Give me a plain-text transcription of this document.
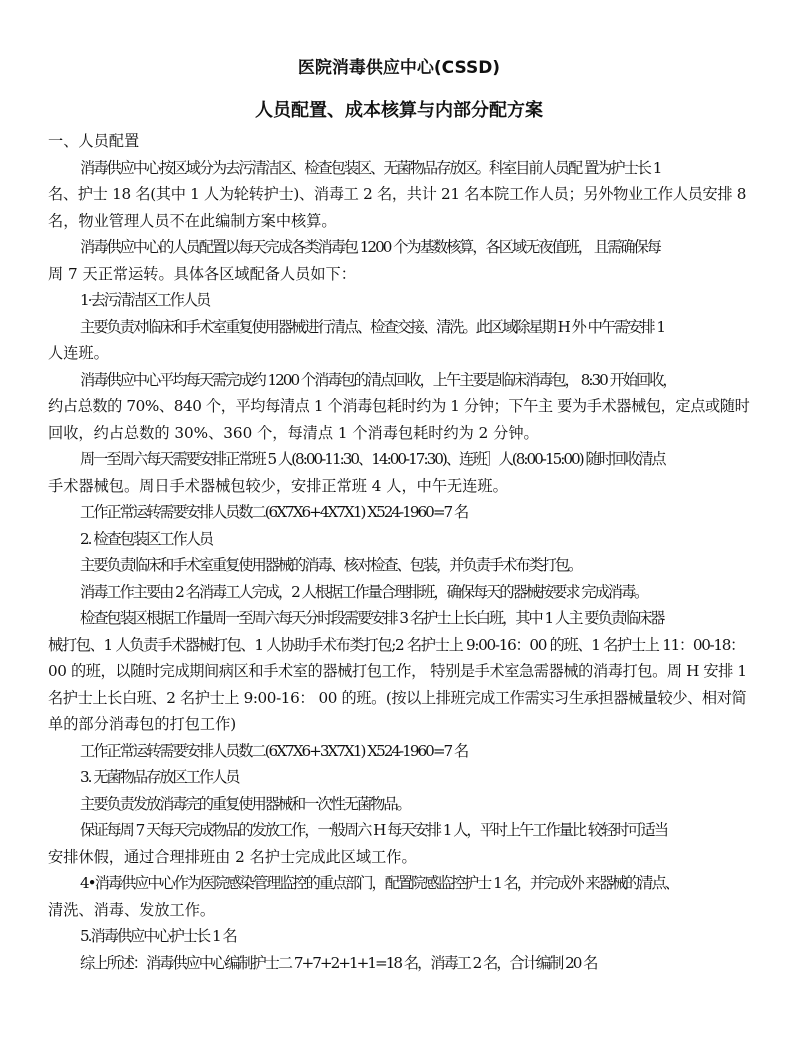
医院消毒供应中心(CSSD)
人员配置、成本核算与内部分配方案

一、人员配置

消毒供应中心按区域分为去污清洁区、检查包装区、无菌物品存放区。科室目前人员配 置为护士长 1

名、护士 18 名(其中 1 人为轮转护士)、消毒工 2 名，共计 21 名本院工作人员；另外物业工作人员安排 8

名，物业管理人员不在此编制方案中核算。

消毒供应中心的人员配置以每天完成各类消毒包 1200 个为基数核算，各区域无夜值班， 且需确保每

周 7 天正常运转。具体各区域配备人员如下：

1·去污清洁区工作人员

主要负责对临床和手术室重复使用器械进行清点、检查交接、清洗。此区域除星期 H 外 中午需安排 1

人连班。

消毒供应中心平均每天需完成约 1200 个消毒包的清点回收，上午主要是临床消毒包， 8:30 开始回收，

约占总数的 70%、840 个，平均每清点 1 个消毒包耗时约为 1 分钟；下午主 要为手术器械包，定点或随时

回收，约占总数的 30%、360 个，每清点 1 个消毒包耗时约为 2 分钟。

周一至周六每天需要安排正常班 5 人(8:00-11:30、14:00-17:30)、连班］人(8:00-15:00) 随时回收清点

手术器械包。周日手术器械包较少，安排正常班 4 人，中午无连班。

工作正常运转需要安排人员数二(6X7X6+4X7X1) X524-1960=7 名

2. 检查包装区工作人员

主要负责临床和手术室重复使用器械的消毒、核对检查、包装，并负责手术布类打包。

消毒工作主要由 2 名消毒工人完成，2 人根据工作量合理排班，确保每天的器械按要求 完成消毒。

检查包装区根据工作量周一至周六每天分时段需要安排 3 名护士上长白班，其中 1 人主 要负责临床器

械打包、1 人负责手术器械打包、1 人协助手术布类打包;2 名护士上 9:00-16：00 的班、1 名护士上 11：00-18：

00 的班，以随时完成期间病区和手术室的器械打包工作， 特别是手术室急需器械的消毒打包。周 H 安排 1

名护士上长白班、2 名护士上 9:00-16： 00 的班。(按以上排班完成工作需实习生承担器械量较少、相对简

单的部分消毒包的打包工作)

工作正常运转需要安排人员数二(6X7X6+3X7X1) X524-1960=7 名

3. 无菌物品存放区工作人员

主要负责发放消毒完的重复使用器械和一次性无菌物品。

保证每周 7 天每天完成物品的发放工作，一般周六 H 每天安排 1 人，平时上午工作量比 较轻时可适当

安排休假，通过合理排班由 2 名护士完成此区域工作。

4•消毒供应中心作为医院感染管理监控的重点部门，配置院感监控护士 1 名，并完成外 来器械的清点、

清洗、消毒、发放工作。

5.消毒供应中心护士长 1 名

综上所述：消毒供应中心编制护士二 7+7+2+1+1=18 名，消毒工 2 名，合计编制 20 名
